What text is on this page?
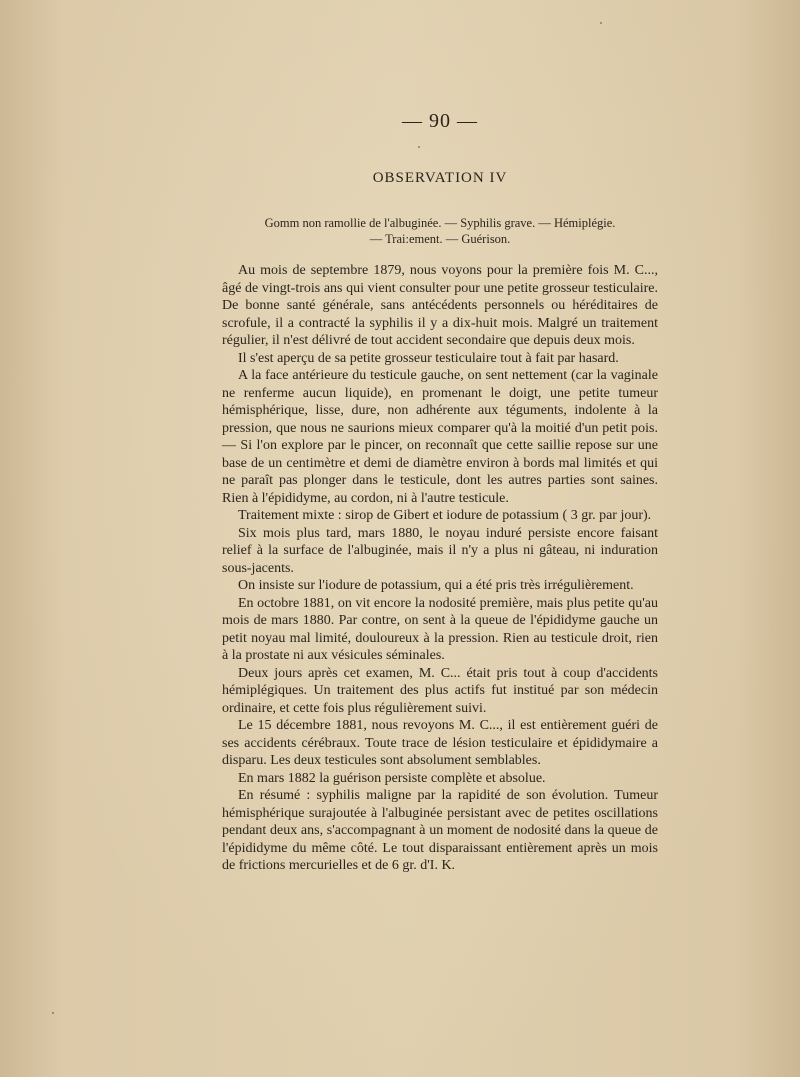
— 90 —
OBSERVATION IV
Gomm non ramollie de l'albuginée. — Syphilis grave. — Hémiplégie.
— Trai:ement. — Guérison.

Au mois de septembre 1879, nous voyons pour la première fois M. C..., âgé de vingt-trois ans qui vient consulter pour une petite grosseur testiculaire. De bonne santé générale, sans antécédents personnels ou héréditaires de scrofule, il a contracté la syphilis il y a dix-huit mois. Malgré un traitement régulier, il n'est délivré de tout accident secondaire que depuis deux mois.

Il s'est aperçu de sa petite grosseur testiculaire tout à fait par hasard.

A la face antérieure du testicule gauche, on sent nettement (car la vaginale ne renferme aucun liquide), en promenant le doigt, une petite tumeur hémisphérique, lisse, dure, non adhérente aux téguments, indolente à la pression, que nous ne saurions mieux comparer qu'à la moitié d'un petit pois. — Si l'on explore par le pincer, on reconnaît que cette saillie repose sur une base de un centimètre et demi de diamètre environ à bords mal limités et qui ne paraît pas plonger dans le testicule, dont les autres parties sont saines. Rien à l'épididyme, au cordon, ni à l'autre testicule.

Traitement mixte : sirop de Gibert et iodure de potassium ( 3 gr. par jour).

Six mois plus tard, mars 1880, le noyau induré persiste encore faisant relief à la surface de l'albuginée, mais il n'y a plus ni gâteau, ni induration sous-jacents.

On insiste sur l'iodure de potassium, qui a été pris très irrégulièrement.

En octobre 1881, on vit encore la nodosité première, mais plus petite qu'au mois de mars 1880. Par contre, on sent à la queue de l'épididyme gauche un petit noyau mal limité, douloureux à la pression. Rien au testicule droit, rien à la prostate ni aux vésicules séminales.

Deux jours après cet examen, M. C... était pris tout à coup d'accidents hémiplégiques. Un traitement des plus actifs fut institué par son médecin ordinaire, et cette fois plus régulièrement suivi.

Le 15 décembre 1881, nous revoyons M. C..., il est entièrement guéri de ses accidents cérébraux. Toute trace de lésion testiculaire et épididymaire a disparu. Les deux testicules sont absolument semblables.

En mars 1882 la guérison persiste complète et absolue.

En résumé : syphilis maligne par la rapidité de son évolution. Tumeur hémisphérique surajoutée à l'albuginée persistant avec de petites oscillations pendant deux ans, s'accompagnant à un moment de nodosité dans la queue de l'épididyme du même côté. Le tout disparaissant entièrement après un mois de frictions mercurielles et de 6 gr. d'I. K.
